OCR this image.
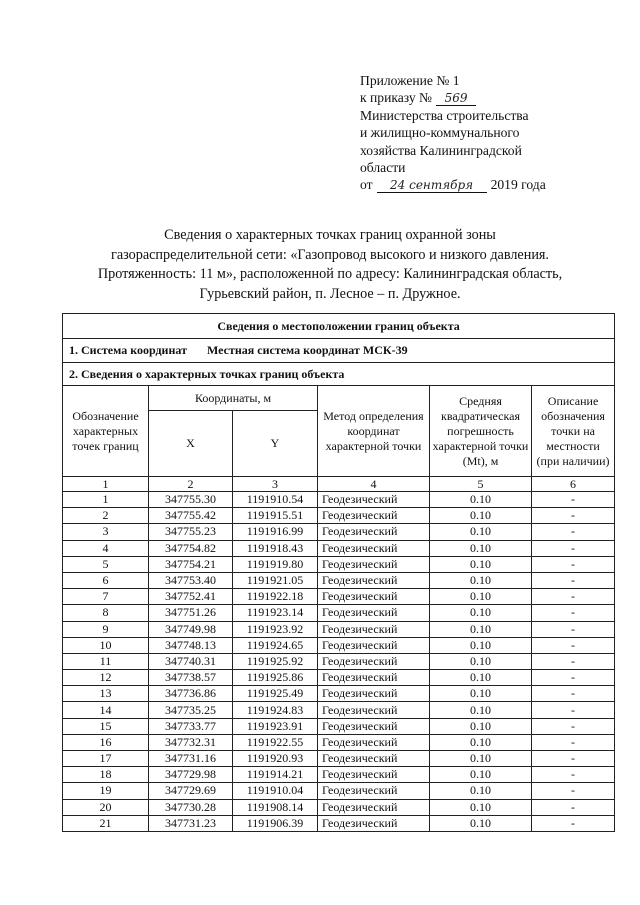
Приложение № 1
к приказу № 569
Министерства строительства
и жилищно-коммунального
хозяйства Калининградской
области
от 24 сентября 2019 года
Сведения о характерных точках границ охранной зоны
газораспределительной сети: «Газопровод высокого и низкого давления.
Протяженность: 11 м», расположенной по адресу: Калининградская область,
Гурьевский район, п. Лесное – п. Дружное.
Сведения о местоположении границ объекта					
1. Система координат Местная система координат МСК-39					
2. Сведения о характерных точках границ объекта					
Обозначение характерных точек границ	Координаты, м		Метод определения координат характерной точки	Средняя квадратическая погрешность характерной точки (Mt), м	Описание обозначения точки на местности (при наличии)
	X	Y			
1	2	3	4	5	6
1	347755.30	1191910.54	Геодезический	0.10	-
2	347755.42	1191915.51	Геодезический	0.10	-
3	347755.23	1191916.99	Геодезический	0.10	-
4	347754.82	1191918.43	Геодезический	0.10	-
5	347754.21	1191919.80	Геодезический	0.10	-
6	347753.40	1191921.05	Геодезический	0.10	-
7	347752.41	1191922.18	Геодезический	0.10	-
8	347751.26	1191923.14	Геодезический	0.10	-
9	347749.98	1191923.92	Геодезический	0.10	-
10	347748.13	1191924.65	Геодезический	0.10	-
11	347740.31	1191925.92	Геодезический	0.10	-
12	347738.57	1191925.86	Геодезический	0.10	-
13	347736.86	1191925.49	Геодезический	0.10	-
14	347735.25	1191924.83	Геодезический	0.10	-
15	347733.77	1191923.91	Геодезический	0.10	-
16	347732.31	1191922.55	Геодезический	0.10	-
17	347731.16	1191920.93	Геодезический	0.10	-
18	347729.98	1191914.21	Геодезический	0.10	-
19	347729.69	1191910.04	Геодезический	0.10	-
20	347730.28	1191908.14	Геодезический	0.10	-
21	347731.23	1191906.39	Геодезический	0.10	-
